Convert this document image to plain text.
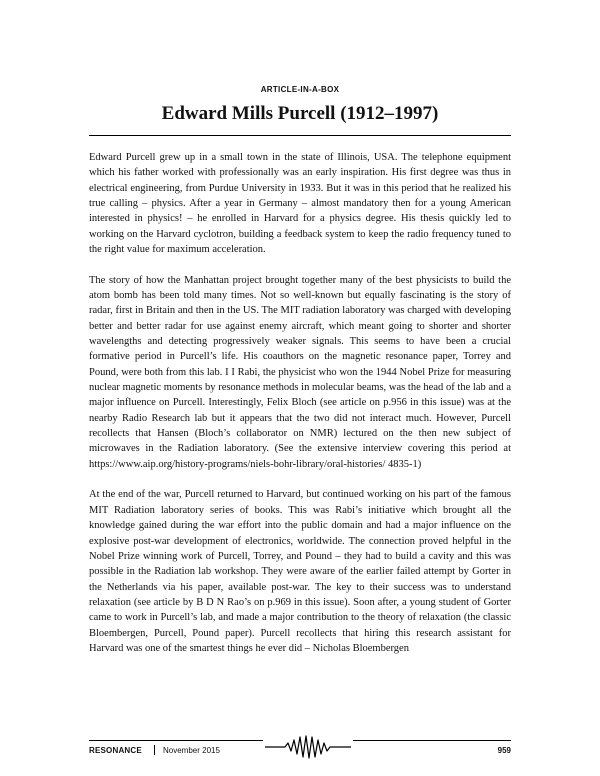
ARTICLE-IN-A-BOX
Edward Mills Purcell (1912–1997)

Edward Purcell grew up in a small town in the state of Illinois, USA. The telephone equipment which his father worked with professionally was an early inspiration. His first degree was thus in electrical engineering, from Purdue University in 1933. But it was in this period that he realized his true calling – physics. After a year in Germany – almost mandatory then for a young American interested in physics! – he enrolled in Harvard for a physics degree. His thesis quickly led to working on the Harvard cyclotron, building a feedback system to keep the radio frequency tuned to the right value for maximum acceleration.

The story of how the Manhattan project brought together many of the best physicists to build the atom bomb has been told many times. Not so well-known but equally fascinating is the story of radar, first in Britain and then in the US. The MIT radiation laboratory was charged with developing better and better radar for use against enemy aircraft, which meant going to shorter and shorter wavelengths and detecting progressively weaker signals. This seems to have been a crucial formative period in Purcell’s life. His coauthors on the magnetic resonance paper, Torrey and Pound, were both from this lab. I I Rabi, the physicist who won the 1944 Nobel Prize for measuring nuclear magnetic moments by resonance methods in molecular beams, was the head of the lab and a major influence on Purcell. Interestingly, Felix Bloch (see article on p.956 in this issue) was at the nearby Radio Research lab but it appears that the two did not interact much. However, Purcell recollects that Hansen (Bloch’s collaborator on NMR) lectured on the then new subject of microwaves in the Radiation laboratory. (See the extensive interview covering this period at https://www.aip.org/history-programs/niels-bohr-library/oral-histories/ 4835-1)

At the end of the war, Purcell returned to Harvard, but continued working on his part of the famous MIT Radiation laboratory series of books. This was Rabi’s initiative which brought all the knowledge gained during the war effort into the public domain and had a major influence on the explosive post-war development of electronics, worldwide. The connection proved helpful in the Nobel Prize winning work of Purcell, Torrey, and Pound – they had to build a cavity and this was possible in the Radiation lab workshop. They were aware of the earlier failed attempt by Gorter in the Netherlands via his paper, available post-war. The key to their success was to understand relaxation (see article by B D N Rao’s on p.969 in this issue). Soon after, a young student of Gorter came to work in Purcell’s lab, and made a major contribution to the theory of relaxation (the classic Bloembergen, Purcell, Pound paper). Purcell recollects that hiring this research assistant for Harvard was one of the smartest things he ever did – Nicholas Bloembergen

RESONANCE	November 2015	959
